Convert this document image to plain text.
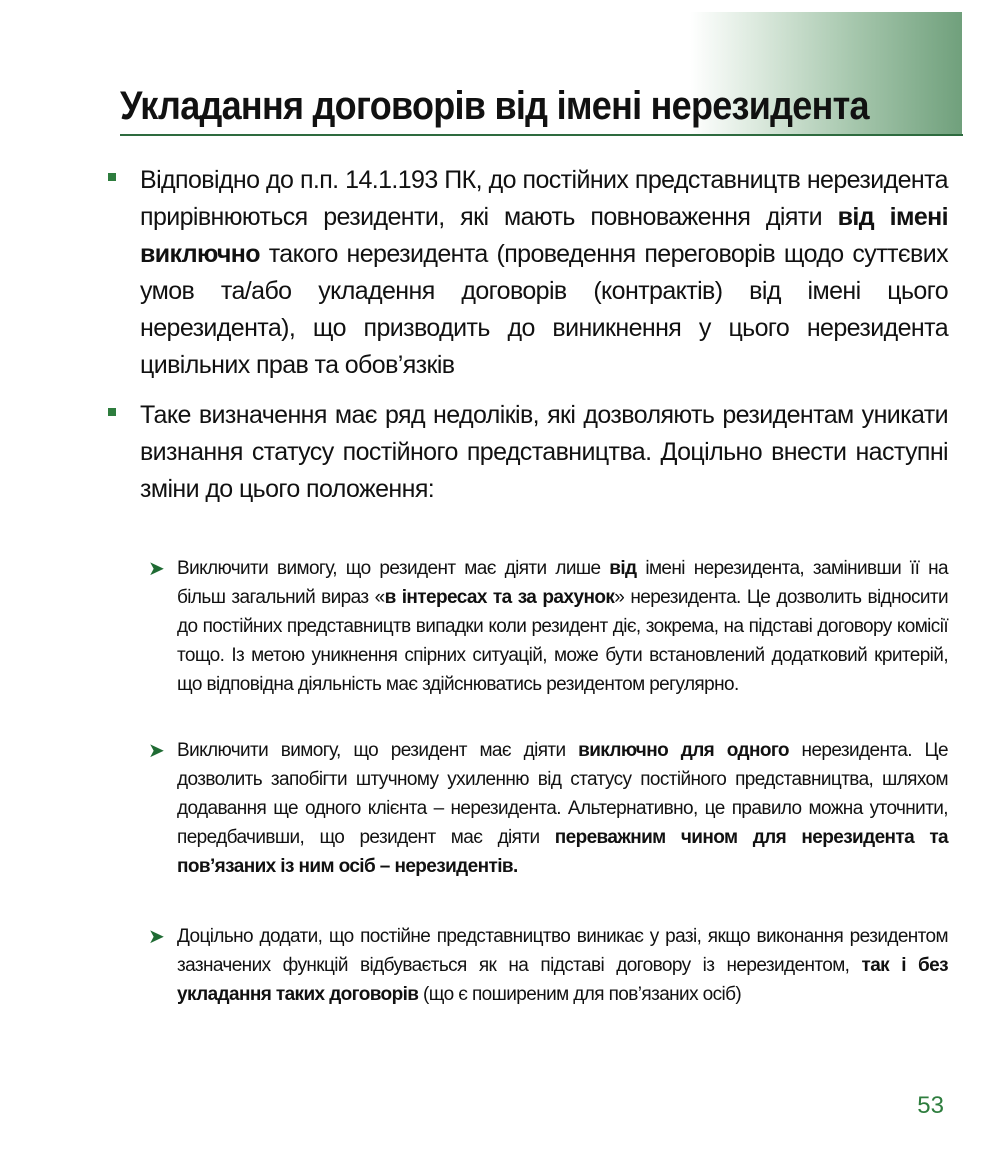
Укладання договорів від імені нерезидента

Відповідно до п.п. 14.1.193 ПК, до постійних представництв нерезидента прирівнюються резиденти, які мають повноваження діяти від імені виключно такого нерезидента (проведення переговорів щодо суттєвих умов та/або укладення договорів (контрактів) від імені цього нерезидента), що призводить до виникнення у цього нерезидента цивільних прав та обов’язків

Таке визначення має ряд недоліків, які дозволяють резидентам уникати визнання статусу постійного представництва. Доцільно внести наступні зміни до цього положення:

➤ Виключити вимогу, що резидент має діяти лише від імені нерезидента, замінивши її на більш загальний вираз «в інтересах та за рахунок» нерезидента. Це дозволить відносити до постійних представництв випадки коли резидент діє, зокрема, на підставі договору комісії тощо. Із метою уникнення спірних ситуацій, може бути встановлений додатковий критерій, що відповідна діяльність має здійснюватись резидентом регулярно.

➤ Виключити вимогу, що резидент має діяти виключно для одного нерезидента. Це дозволить запобігти штучному ухиленню від статусу постійного представництва, шляхом додавання ще одного клієнта – нерезидента. Альтернативно, це правило можна уточнити, передбачивши, що резидент має діяти переважним чином для нерезидента та пов’язаних із ним осіб – нерезидентів.

➤ Доцільно додати, що постійне представництво виникає у разі, якщо виконання резидентом зазначених функцій відбувається як на підставі договору із нерезидентом, так і без укладання таких договорів (що є поширеним для пов’язаних осіб)

53
